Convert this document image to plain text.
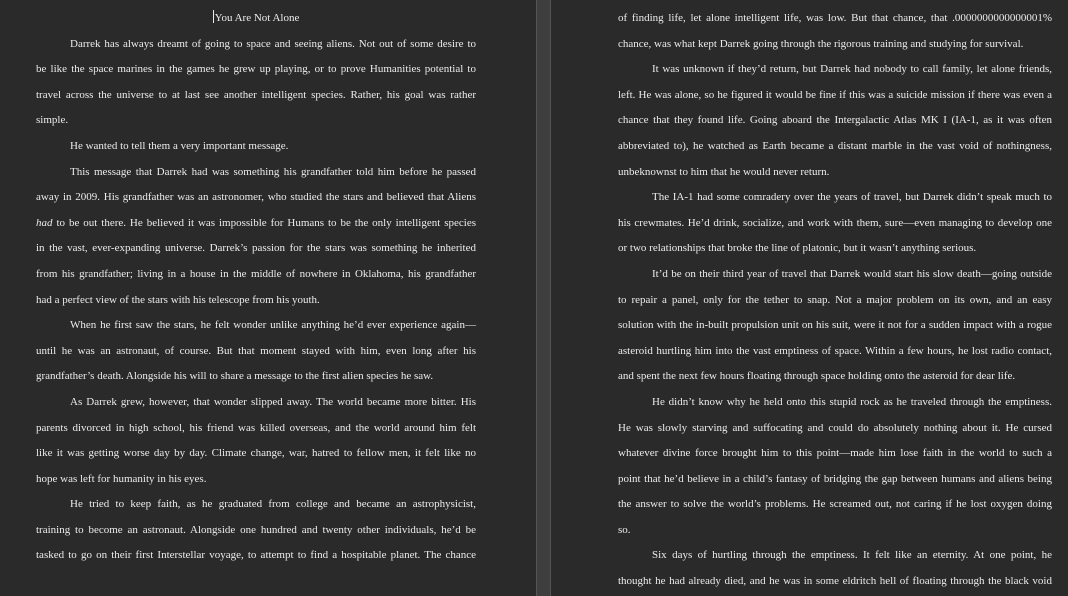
You Are Not Alone
Darrek has always dreamt of going to space and seeing aliens. Not out of some desire to
be like the space marines in the games he grew up playing, or to prove Humanities potential to
travel across the universe to at last see another intelligent species. Rather, his goal was rather
simple.
He wanted to tell them a very important message.
This message that Darrek had was something his grandfather told him before he passed
away in 2009. His grandfather was an astronomer, who studied the stars and believed that Aliens
had to be out there. He believed it was impossible for Humans to be the only intelligent species
in the vast, ever-expanding universe. Darrek’s passion for the stars was something he inherited
from his grandfather; living in a house in the middle of nowhere in Oklahoma, his grandfather
had a perfect view of the stars with his telescope from his youth.
When he first saw the stars, he felt wonder unlike anything he’d ever experience again—
until he was an astronaut, of course. But that moment stayed with him, even long after his
grandfather’s death. Alongside his will to share a message to the first alien species he saw.
As Darrek grew, however, that wonder slipped away. The world became more bitter. His
parents divorced in high school, his friend was killed overseas, and the world around him felt
like it was getting worse day by day. Climate change, war, hatred to fellow men, it felt like no
hope was left for humanity in his eyes.
He tried to keep faith, as he graduated from college and became an astrophysicist,
training to become an astronaut. Alongside one hundred and twenty other individuals, he’d be
tasked to go on their first Interstellar voyage, to attempt to find a hospitable planet. The chance
of finding life, let alone intelligent life, was low. But that chance, that .0000000000000001%
chance, was what kept Darrek going through the rigorous training and studying for survival.
It was unknown if they’d return, but Darrek had nobody to call family, let alone friends,
left. He was alone, so he figured it would be fine if this was a suicide mission if there was even a
chance that they found life. Going aboard the Intergalactic Atlas MK I (IA-1, as it was often
abbreviated to), he watched as Earth became a distant marble in the vast void of nothingness,
unbeknownst to him that he would never return.
The IA-1 had some comradery over the years of travel, but Darrek didn’t speak much to
his crewmates. He’d drink, socialize, and work with them, sure—even managing to develop one
or two relationships that broke the line of platonic, but it wasn’t anything serious.
It’d be on their third year of travel that Darrek would start his slow death—going outside
to repair a panel, only for the tether to snap. Not a major problem on its own, and an easy
solution with the in-built propulsion unit on his suit, were it not for a sudden impact with a rogue
asteroid hurtling him into the vast emptiness of space. Within a few hours, he lost radio contact,
and spent the next few hours floating through space holding onto the asteroid for dear life.
He didn’t know why he held onto this stupid rock as he traveled through the emptiness.
He was slowly starving and suffocating and could do absolutely nothing about it. He cursed
whatever divine force brought him to this point—made him lose faith in the world to such a
point that he’d believe in a child’s fantasy of bridging the gap between humans and aliens being
the answer to solve the world’s problems. He screamed out, not caring if he lost oxygen doing
so.
Six days of hurtling through the emptiness. It felt like an eternity. At one point, he
thought he had already died, and he was in some eldritch hell of floating through the black void
